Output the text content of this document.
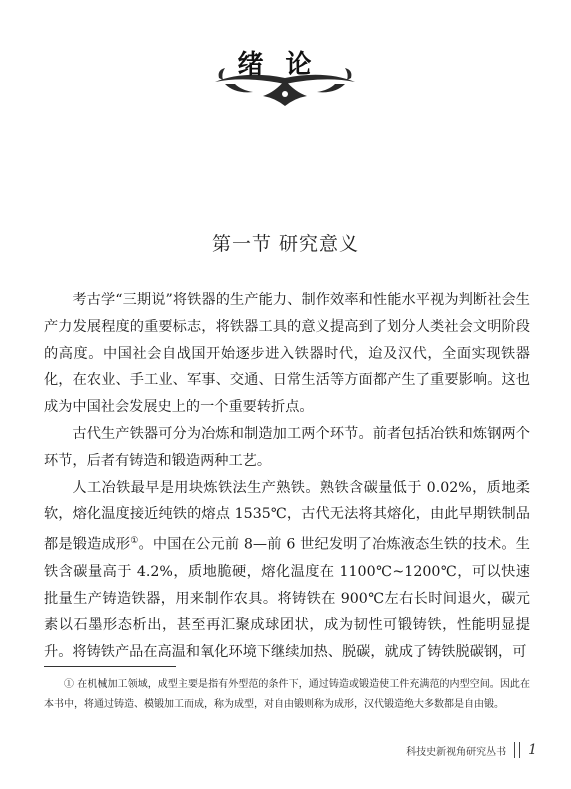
绪论
第一节 研究意义

考古学“三期说”将铁器的生产能力、制作效率和性能水平视为判断社会生产力发展程度的重要标志，将铁器工具的意义提高到了划分人类社会文明阶段的高度。中国社会自战国开始逐步进入铁器时代，迨及汉代，全面实现铁器化，在农业、手工业、军事、交通、日常生活等方面都产生了重要影响。这也成为中国社会发展史上的一个重要转折点。

古代生产铁器可分为冶炼和制造加工两个环节。前者包括冶铁和炼钢两个环节，后者有铸造和锻造两种工艺。

人工冶铁最早是用块炼铁法生产熟铁。熟铁含碳量低于 0.02%，质地柔软，熔化温度接近纯铁的熔点 1535℃，古代无法将其熔化，由此早期铁制品都是锻造成形①。中国在公元前 8—前 6 世纪发明了冶炼液态生铁的技术。生铁含碳量高于 4.2%，质地脆硬，熔化温度在 1100℃~1200℃，可以快速批量生产铸造铁器，用来制作农具。将铸铁在 900℃左右长时间退火，碳元素以石墨形态析出，甚至再汇聚成球团状，成为韧性可锻铸铁，性能明显提升。将铸铁产品在高温和氧化环境下继续加热、脱碳，就成了铸铁脱碳钢，可

① 在机械加工领域，成型主要是指有外型范的条件下，通过铸造或锻造使工件充满范的内型空间。因此在本书中，将通过铸造、模锻加工而成，称为成型，对自由锻则称为成形，汉代锻造绝大多数都是自由锻。
科技史新视角研究丛书 1
